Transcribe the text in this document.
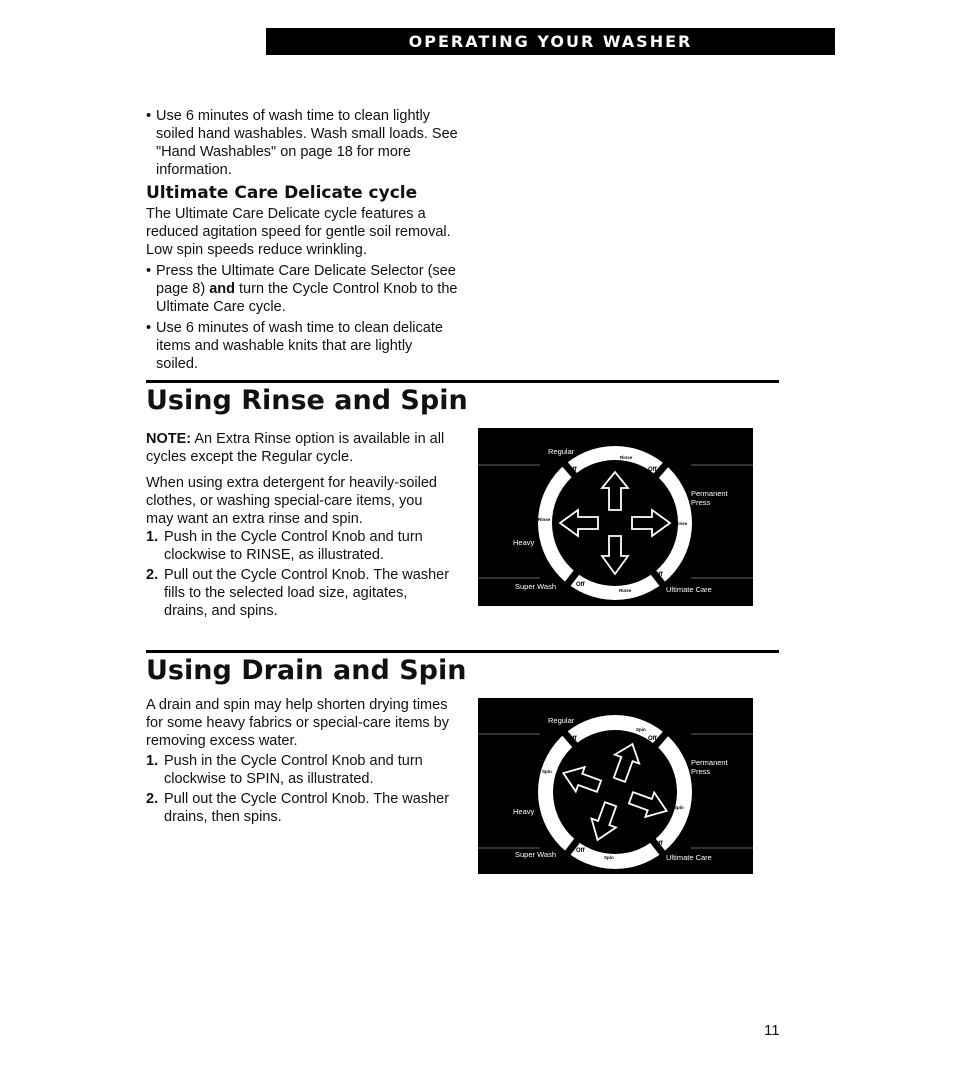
OPERATING YOUR WASHER

• Use 6 minutes of wash time to clean lightly soiled hand washables. Wash small loads. See "Hand Washables" on page 18 for more information.

Ultimate Care Delicate cycle

The Ultimate Care Delicate cycle features a reduced agitation speed for gentle soil removal. Low spin speeds reduce wrinkling.

• Press the Ultimate Care Delicate Selector (see page 8) and turn the Cycle Control Knob to the Ultimate Care cycle.

• Use 6 minutes of wash time to clean delicate items and washable knits that are lightly soiled.

Using Rinse and Spin

NOTE: An Extra Rinse option is available in all cycles except the Regular cycle.

When using extra detergent for heavily-soiled clothes, or washing special-care items, you may want an extra rinse and spin.

1. Push in the Cycle Control Knob and turn clockwise to RINSE, as illustrated.

2. Pull out the Cycle Control Knob. The washer fills to the selected load size, agitates, drains, and spins.

Regular
Permanent
Press
Heavy
Super Wash	Ultimate Care
Off	Off
Off
Off
Rinse
Rinse
Rinse
Rinse
Using Drain and Spin

A drain and spin may help shorten drying times for some heavy fabrics or special-care items by removing excess water.

1. Push in the Cycle Control Knob and turn clockwise to SPIN, as illustrated.

2. Pull out the Cycle Control Knob. The washer drains, then spins.

Regular
Permanent
Press
Heavy
Super Wash	Ultimate Care
Off	Off
Off
Off
Spin
Spin
Spin
Spin
11
